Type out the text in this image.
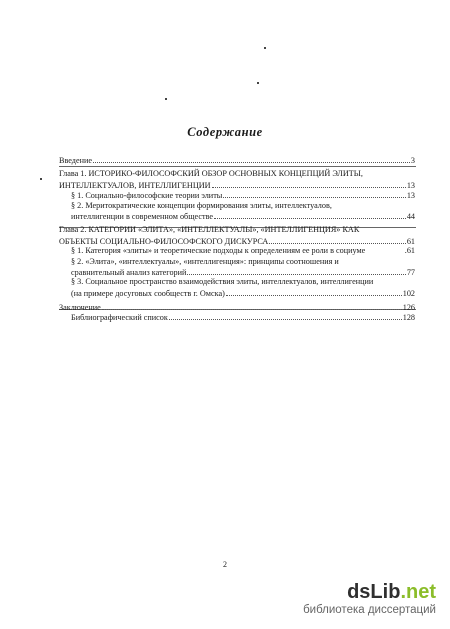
Содержание
Введение	3
Глава 1. ИСТОРИКО-ФИЛОСОФСКИЙ ОБЗОР ОСНОВНЫХ КОНЦЕПЦИЙ ЭЛИТЫ,
ИНТЕЛЛЕКТУАЛОВ, ИНТЕЛЛИГЕНЦИИ	13
§ 1. Социально-философские теории элиты	13
§ 2. Меритократические концепции формирования элиты, интеллектуалов,
интеллигенции в современном обществе	44
Глава 2. КАТЕГОРИИ «ЭЛИТА», «ИНТЕЛЛЕКТУАЛЫ», «ИНТЕЛЛИГЕНЦИЯ» КАК
ОБЪЕКТЫ СОЦИАЛЬНО-ФИЛОСОФСКОГО ДИСКУРСА	61
§ 1. Категория «элиты» и теоретические подходы к определениям ее роли в социуме	.61
§ 2. «Элита», «интеллектуалы», «интеллигенция»: принципы соотношения и
сравнительный анализ категорий	77
§ 3. Социальное пространство взаимодействия элиты, интеллектуалов, интеллигенции
(на примере досуговых сообществ г. Омска)	102
Заключение	126
Библиографический список	128
2
dsLib.net
библиотека диссертаций
